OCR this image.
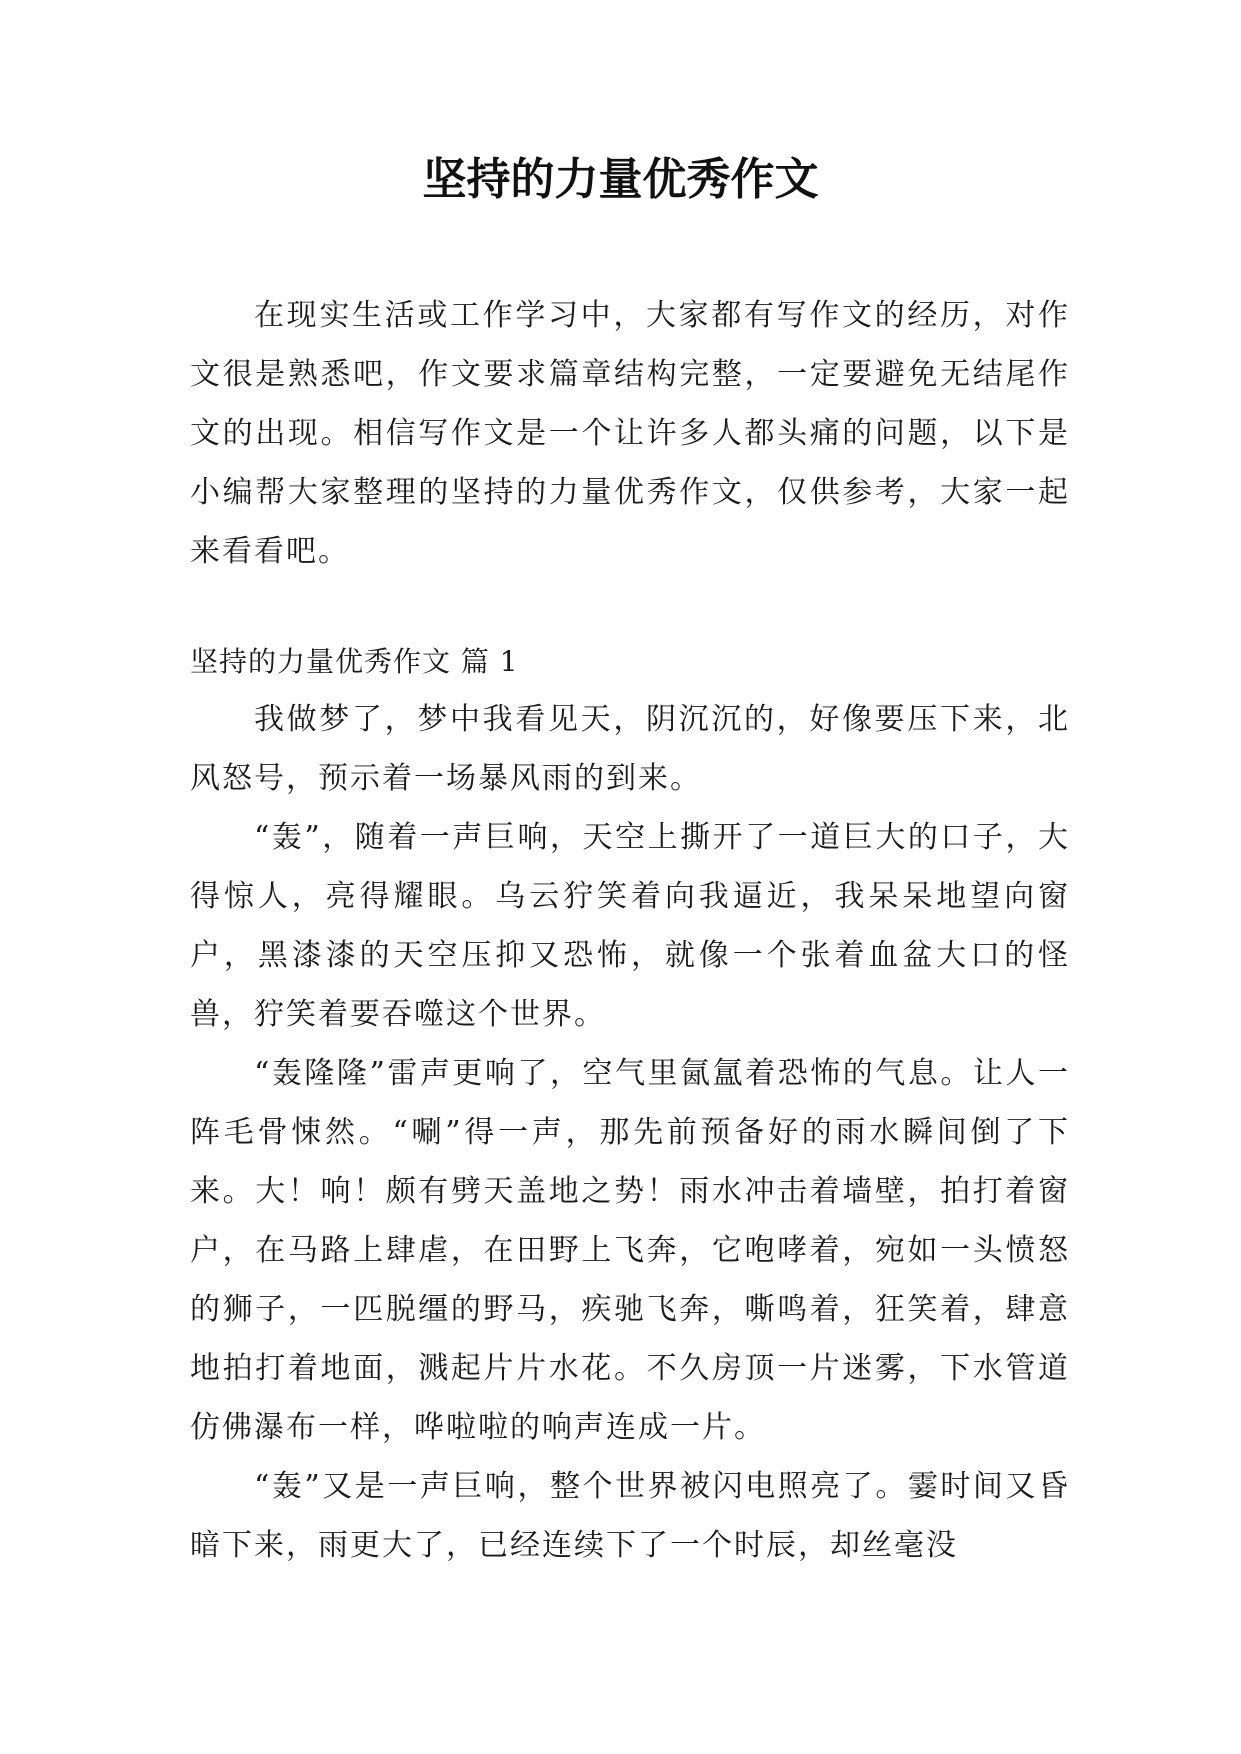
坚持的力量优秀作文

在现实生活或工作学习中，大家都有写作文的经历，对作文很是熟悉吧，作文要求篇章结构完整，一定要避免无结尾作文的出现。相信写作文是一个让许多人都头痛的问题，以下是小编帮大家整理的坚持的力量优秀作文，仅供参考，大家一起来看看吧。

坚持的力量优秀作文 篇 1

我做梦了，梦中我看见天，阴沉沉的，好像要压下来，北风怒号，预示着一场暴风雨的到来。

“轰”，随着一声巨响，天空上撕开了一道巨大的口子，大得惊人，亮得耀眼。乌云狞笑着向我逼近，我呆呆地望向窗户，黑漆漆的天空压抑又恐怖，就像一个张着血盆大口的怪兽，狞笑着要吞噬这个世界。

“轰隆隆”雷声更响了，空气里氤氲着恐怖的气息。让人一阵毛骨悚然。“唰”得一声，那先前预备好的雨水瞬间倒了下来。大！响！颇有劈天盖地之势！雨水冲击着墙壁，拍打着窗户，在马路上肆虐，在田野上飞奔，它咆哮着，宛如一头愤怒的狮子，一匹脱缰的野马，疾驰飞奔，嘶鸣着，狂笑着，肆意地拍打着地面，溅起片片水花。不久房顶一片迷雾，下水管道仿佛瀑布一样，哗啦啦的响声连成一片。

“轰”又是一声巨响，整个世界被闪电照亮了。霎时间又昏暗下来，雨更大了，已经连续下了一个时辰，却丝毫没
